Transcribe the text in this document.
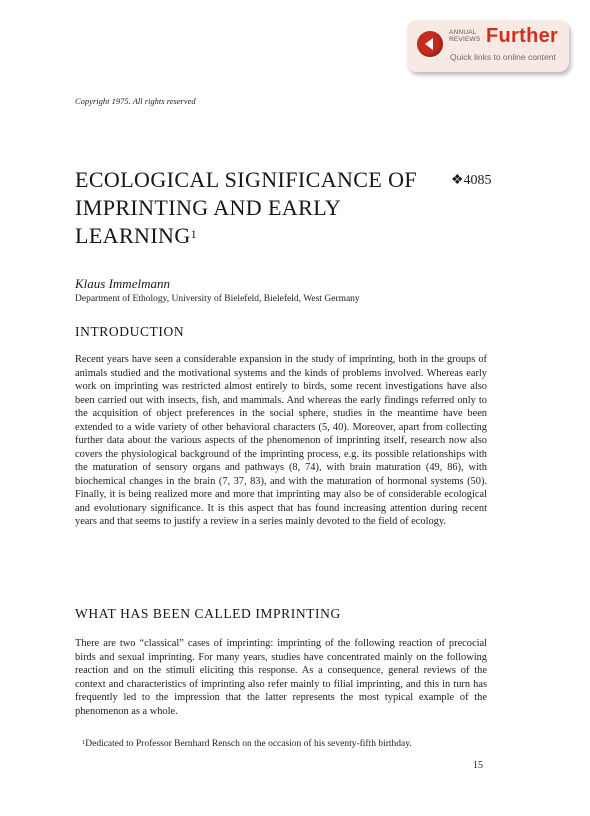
ANNUAL REVIEWS Further
Quick links to online content
Copyright 1975. All rights reserved
ECOLOGICAL SIGNIFICANCE OF IMPRINTING AND EARLY LEARNING$^1$
❖4085
Klaus Immelmann
Department of Ethology, University of Bielefeld, Bielefeld, West Germany
INTRODUCTION
Recent years have seen a considerable expansion in the study of imprinting, both in the groups of animals studied and the motivational systems and the kinds of problems involved. Whereas early work on imprinting was restricted almost entirely to birds, some recent investigations have also been carried out with insects, fish, and mammals. And whereas the early findings referred only to the acquisition of object preferences in the social sphere, studies in the meantime have been extended to a wide variety of other behavioral characters (5, 40). Moreover, apart from collecting further data about the various aspects of the phenomenon of imprinting itself, research now also covers the physiological background of the imprinting process, e.g. its possible relationships with the maturation of sensory organs and pathways (8, 74), with brain maturation (49, 86), with biochemical changes in the brain (7, 37, 83), and with the maturation of hormonal systems (50). Finally, it is being realized more and more that imprinting may also be of considerable ecological and evolutionary significance. It is this aspect that has found increasing attention during recent years and that seems to justify a review in a series mainly devoted to the field of ecology.
WHAT HAS BEEN CALLED IMPRINTING
There are two “classical” cases of imprinting: imprinting of the following reaction of precocial birds and sexual imprinting. For many years, studies have concentrated mainly on the following reaction and on the stimuli eliciting this response. As a consequence, general reviews of the context and characteristics of imprinting also refer mainly to filial imprinting, and this in turn has frequently led to the impression that the latter represents the most typical example of the phenomenon as a whole.
$^1$Dedicated to Professor Bernhard Rensch on the occasion of his seventy-fifth birthday.
15
